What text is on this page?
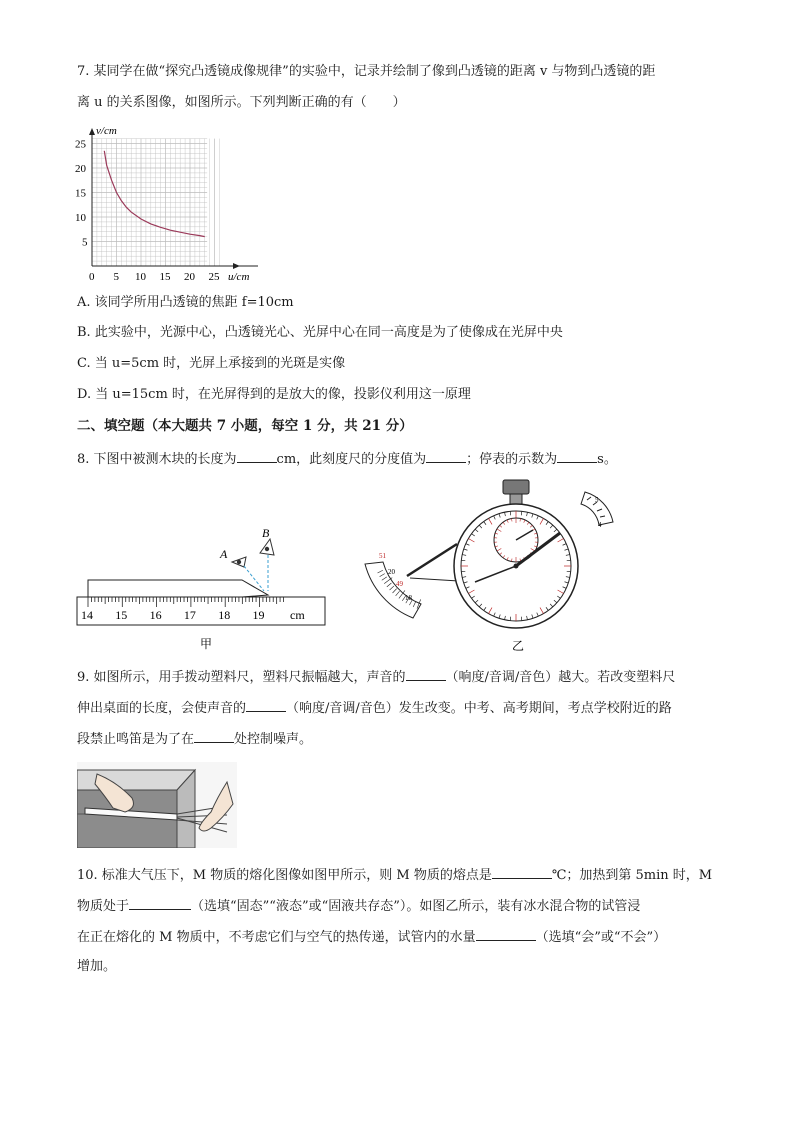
7. 某同学在做“探究凸透镜成像规律”的实验中，记录并绘制了像到凸透镜的距离 v 与物到凸透镜的距
离 u 的关系图像，如图所示。下列判断正确的有（　　）
0 5 10 15 20 25
5
10
15
20
25
v/cm
u/cm
A. 该同学所用凸透镜的焦距 f=10cm
B. 此实验中，光源中心，凸透镜光心、光屏中心在同一高度是为了使像成在光屏中央
C. 当 u=5cm 时，光屏上承接到的光斑是实像
D. 当 u=15cm 时，在光屏得到的是放大的像，投影仪利用这一原理
二、填空题（本大题共 7 小题，每空 1 分，共 21 分）
8. 下图中被测木块的长度为	cm，此刻度尺的分度值为	；停表的示数为	s。
A
B
14 15 16 17 18 19 cm
甲
51
20
49
18
5
4
乙
9. 如图所示，用手拨动塑料尺，塑料尺振幅越大，声音的	（响度/音调/音色）越大。若改变塑料尺
伸出桌面的长度，会使声音的	（响度/音调/音色）发生改变。中考、高考期间，考点学校附近的路
段禁止鸣笛是为了在	处控制噪声。
10. 标准大气压下，M 物质的熔化图像如图甲所示，则 M 物质的熔点是	℃；加热到第 5min 时，M
物质处于	（选填“固态”“液态”或“固液共存态”）。如图乙所示，装有冰水混合物的试管浸
在正在熔化的 M 物质中，不考虑它们与空气的热传递，试管内的水量	（选填“会”或“不会”）
增加。
